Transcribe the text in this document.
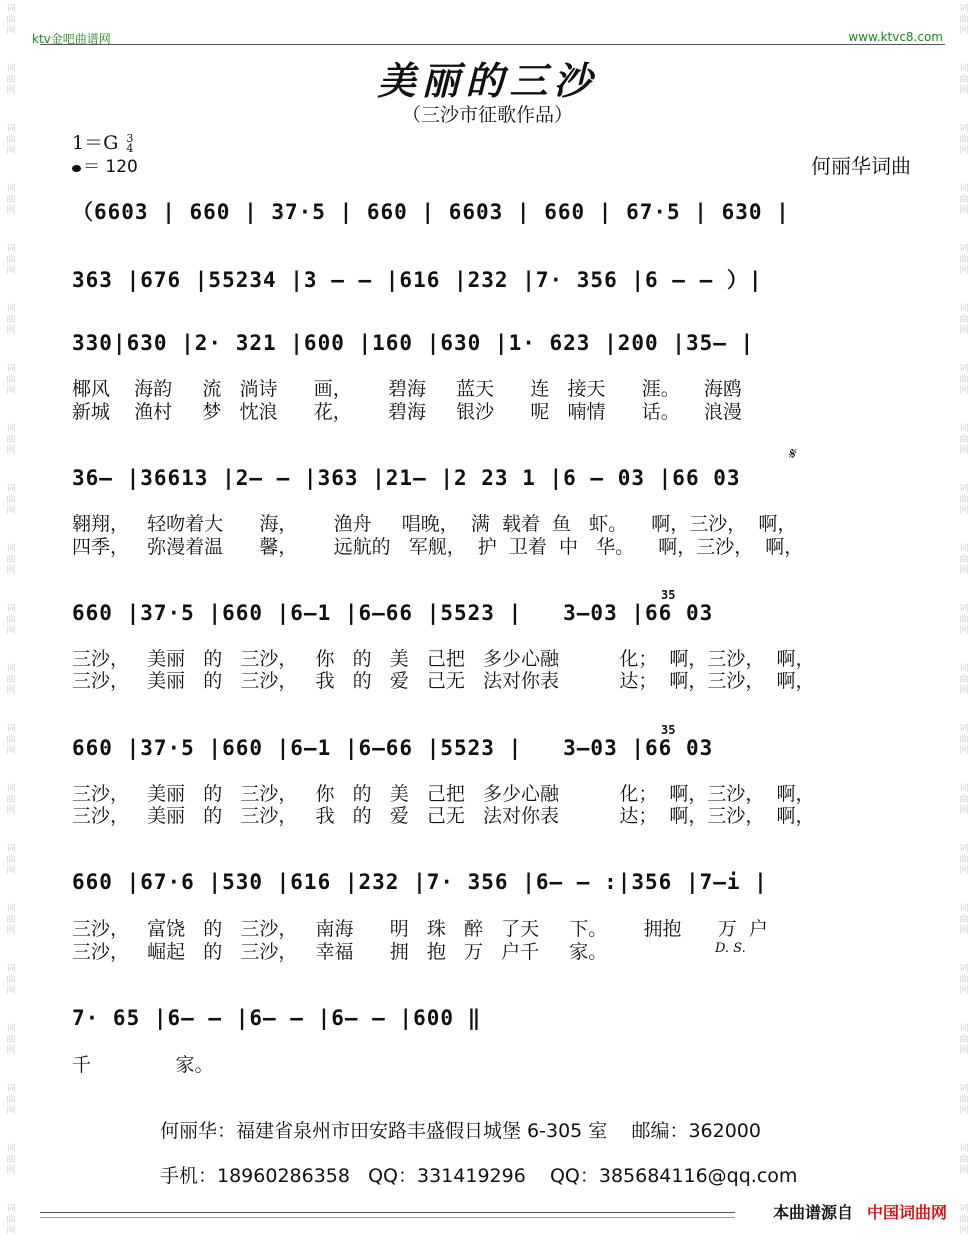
词
曲
网
词
曲
网
词
曲
网
词
曲
网
词
曲
网
词
曲
网
词
曲
网
词
曲
网
词
曲
网
词
曲
网
词
曲
网
词
曲
网
词
曲
网
词
曲
网
词
曲
网
词
曲
网
词
曲
网
词
曲
网
词
曲
网
词
曲
网
词
曲
网
词
曲
网
词
曲
网
词
曲
网
词
曲
网
词
曲
网
词
曲
网
词
曲
网
词
曲
网
词
曲
网
词
曲
网
词
曲
网
词
曲
网
词
曲
网
词
曲
网
词
曲
网
词
曲
网
词
曲
网
词
曲
网
词
曲
网
词
曲
网
词
曲
网
ktv金吧曲谱网	www.ktvc8.com
美丽的三沙
（三沙市征歌作品）
1＝G 3
4
＝ 120	何丽华词曲
（6603 | 660 | 37·5 | 660 | 6603 | 660 | 67·5 | 630 |
363 |676 |55234 |3 — — |616 |232 |7· 356 |6 — — ）|
330|630 |2· 321 |600 |160 |630 |1· 623 |200 |35— |
椰风    海韵     流   淌诗      画，      碧海     蓝天      连   接天      涯。    海鸥
新城    渔村     梦   忱浪      花，      碧海     银沙      呢   喃情      话。    浪漫
𝄋
36— |36613 |2— — |363 |21— |2 23 1 |6 — 03 |66 03
翱翔，   轻吻着大      海，      渔舟     唱晚，  满  载着  鱼   虾。    啊，三沙，  啊，
四季，   弥漫着温      馨，      远航的   军舰，  护  卫着  中   华。    啊，三沙，  啊，
35
660 |37·5 |660 |6—1 |6—66 |5523 |   3—03 |66 03
三沙，   美丽   的   三沙，   你   的   美   己把   多少心融          化；  啊，三沙，  啊，
三沙，   美丽   的   三沙，   我   的   爱   己无   法对你表          达；  啊，三沙，  啊，
35
660 |37·5 |660 |6—1 |6—66 |5523 |   3—03 |66 03
三沙，   美丽   的   三沙，   你   的   美   己把   多少心融          化；  啊，三沙，  啊，
三沙，   美丽   的   三沙，   我   的   爱   己无   法对你表          达；  啊，三沙，  啊，
660 |67·6 |530 |616 |232 |7· 356 |6— — :|356 |7—i |
三沙，   富饶   的   三沙，   南海      明   珠   醉   了天     下。      拥抱      万  户
三沙，   崛起   的   三沙，   幸福      拥   抱   万   户千     家。	D. S.
7· 65 |6— — |6— — |6— — |600 ‖
千              家。
何丽华：福建省泉州市田安路丰盛假日城堡 6-305 室    邮编：362000
手机：18960286358   QQ：331419296    QQ：385684116@qq.com
本曲谱源自 中国词曲网
